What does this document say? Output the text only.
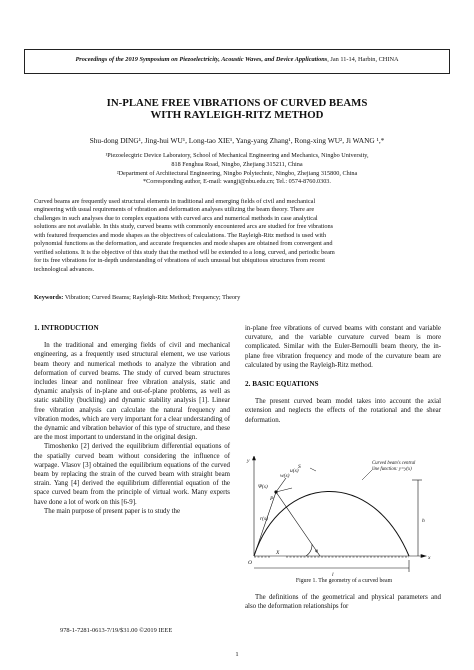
Proceedings of the 2019 Symposium on Piezoelectricity, Acoustic Waves, and Device Applications, Jan 11-14, Harbin, CHINA
IN-PLANE FREE VIBRATIONS OF CURVED BEAMS
WITH RAYLEIGH-RITZ METHOD
Shu-dong DING¹, Jing-hui WU¹, Long-tao XIE¹, Yang-yang Zhang¹, Rong-xing WU², Ji WANG ¹,*
¹Piezoelecgtric Device Laboratory, School of Mechanical Engineering and Mechanics, Ningbo University,
818 Fenghua Road, Ningbo, Zhejiang 315211, China
²Department of Architectural Engineering, Ningbo Polytechnic, Ningbo, Zhejiang 315800, China
*Corresponding author, E-mail: wangji@nbu.edu.cn; Tel.: 0574-8760.0303.
Curved beams are frequently used structural elements in traditional and emerging fields of civil and mechanical
engineering with usual requirements of vibration and deformation analyses utilizing the beam theory. There are
challenges in such analyses due to complex equations with curved arcs and numerical methods in case analytical
solutions are not available. In this study, curved beams with commonly encountered arcs are studied for free vibrations
with featured frequencies and mode shapes as the objectives of calculations. The Rayleigh-Ritz method is used with
polynomial functions as the deformation, and accurate frequencies and mode shapes are obtained from convergent and
verified solutions. It is the objective of this study that the method will be extended to a long, curved, and periodic beam
for its free vibrations for in-depth understanding of vibrations of such unusual but ubiquitous structures from recent
technological advances.
Keywords: Vibration; Curved Beams; Rayleigh-Ritz Method; Frequency; Theory
1. INTRODUCTION

In the traditional and emerging fields of civil and mechanical engineering, as a frequently used structural element, we use various beam theory and numerical methods to analyze the vibration and deformation of curved beams. The study of curved beam structures includes linear and nonlinear free vibration analysis, static and dynamic analysis of in-plane and out-of-plane problems, as well as static stability (buckling) and dynamic stability analysis [1]. Linear free vibration analysis can calculate the natural frequency and vibration modes, which are very important for a clear understanding of the dynamic and vibration behavior of this type of structure, and these are the most important to understand in the original design.

Timoshenko [2] derived the equilibrium differential equations of the spatially curved beam without considering the influence of warpage. Vlasov [3] obtained the equilibrium equations of the curved beam by replacing the strain of the curved beam with straight beam strain. Yang [4] derived the equilibrium differential equation of the space curved beam from the principle of virtual work. Many experts have done a lot of work on this [6-9].

The main purpose of present paper is to study the

in-plane free vibrations of curved beams with constant and variable curvature, and the variable curvature curved beam is more complicated. Similar with the Euler-Bernoulli beam theory, the in-plane free vibration frequency and mode of the curvature beam are calculated by using the Rayleigh-Ritz method.

2. BASIC EQUATIONS

The present curved beam model takes into account the axial extension and neglects the effects of the rotational and the shear deformation.

y
x
h
l
O
X
u(s)
w(s)
φ
Ψ(s)
r(s)
S
P
Curved beam's central
line function: y=y(x)
Figure 1. The geometry of a curved beam

The definitions of the geometrical and physical parameters and also the deformation relationships for

978-1-7281-0613-7/19/$31.00 ©2019 IEEE
1
